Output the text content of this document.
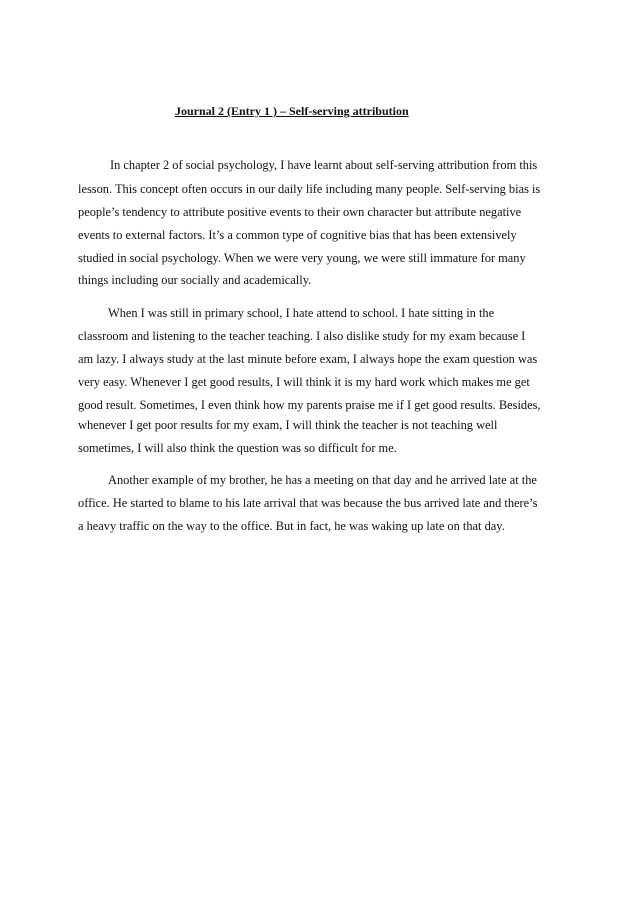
Journal 2 (Entry 1 ) – Self-serving attribution

In chapter 2 of social psychology, I have learnt about self-serving attribution from this

lesson. This concept often occurs in our daily life including many people. Self-serving bias is

people’s tendency to attribute positive events to their own character but attribute negative

events to external factors. It’s a common type of cognitive bias that has been extensively

studied in social psychology. When we were very young, we were still immature for many

things including our socially and academically.

When I was still in primary school, I hate attend to school. I hate sitting in the

classroom and listening to the teacher teaching. I also dislike study for my exam because I

am lazy. I always study at the last minute before exam, I always hope the exam question was

very easy. Whenever I get good results, I will think it is my hard work which makes me get

good result. Sometimes, I even think how my parents praise me if I get good results. Besides,

whenever I get poor results for my exam, I will think the teacher is not teaching well

sometimes, I will also think the question was so difficult for me.

Another example of my brother, he has a meeting on that day and he arrived late at the

office. He started to blame to his late arrival that was because the bus arrived late and there’s

a heavy traffic on the way to the office. But in fact, he was waking up late on that day.
